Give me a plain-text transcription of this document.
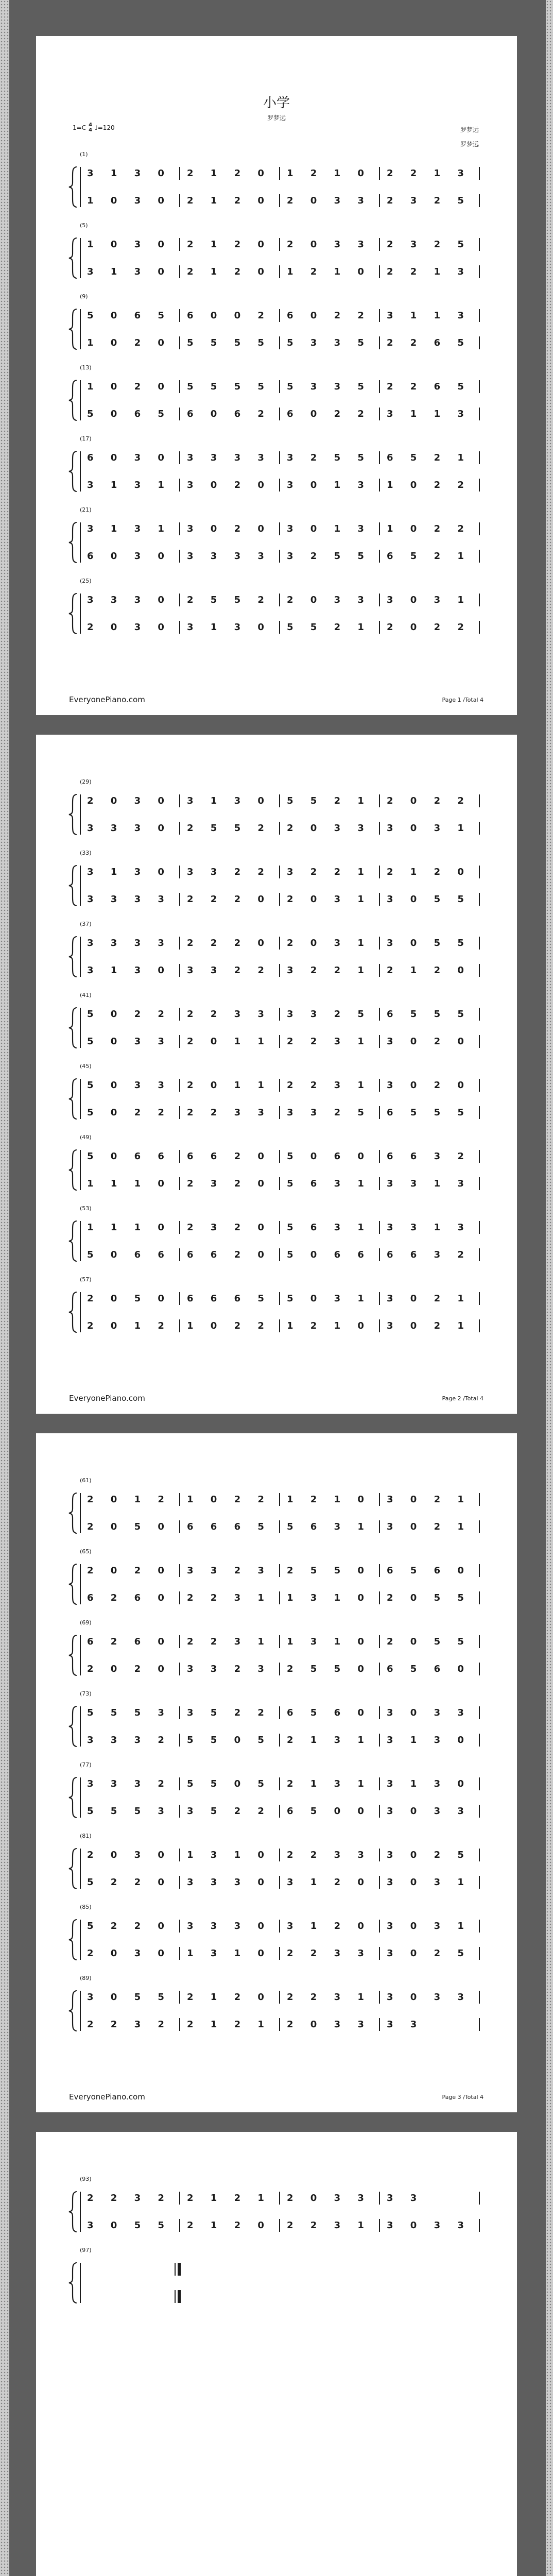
小学
罗梦远
罗梦远
罗梦远
1=C 4
4 ♩=120
(1)
3 1 3 0 2 1 2 0 1 2 1 0 2 2 1 3
1 0 3 0 2 1 2 0 2 0 3 3 2 3 2 5
(5)
1 0 3 0 2 1 2 0 2 0 3 3 2 3 2 5
3 1 3 0 2 1 2 0 1 2 1 0 2 2 1 3
(9)
5 0 6 5 6 0 0 2 6 0 2 2 3 1 1 3
1 0 2 0 5 5 5 5 5 3 3 5 2 2 6 5
(13)
1 0 2 0 5 5 5 5 5 3 3 5 2 2 6 5
5 0 6 5 6 0 6 2 6 0 2 2 3 1 1 3
(17)
6 0 3 0 3 3 3 3 3 2 5 5 6 5 2 1
3 1 3 1 3 0 2 0 3 0 1 3 1 0 2 2
(21)
3 1 3 1 3 0 2 0 3 0 1 3 1 0 2 2
6 0 3 0 3 3 3 3 3 2 5 5 6 5 2 1
(25)
3 3 3 0 2 5 5 2 2 0 3 3 3 0 3 1
2 0 3 0 3 1 3 0 5 5 2 1 2 0 2 2
EveryonePiano.com	Page 1 /Total 4
(29)
2 0 3 0 3 1 3 0 5 5 2 1 2 0 2 2
3 3 3 0 2 5 5 2 2 0 3 3 3 0 3 1
(33)
3 1 3 0 3 3 2 2 3 2 2 1 2 1 2 0
3 3 3 3 2 2 2 0 2 0 3 1 3 0 5 5
(37)
3 3 3 3 2 2 2 0 2 0 3 1 3 0 5 5
3 1 3 0 3 3 2 2 3 2 2 1 2 1 2 0
(41)
5 0 2 2 2 2 3 3 3 3 2 5 6 5 5 5
5 0 3 3 2 0 1 1 2 2 3 1 3 0 2 0
(45)
5 0 3 3 2 0 1 1 2 2 3 1 3 0 2 0
5 0 2 2 2 2 3 3 3 3 2 5 6 5 5 5
(49)
5 0 6 6 6 6 2 0 5 0 6 0 6 6 3 2
1 1 1 0 2 3 2 0 5 6 3 1 3 3 1 3
(53)
1 1 1 0 2 3 2 0 5 6 3 1 3 3 1 3
5 0 6 6 6 6 2 0 5 0 6 6 6 6 3 2
(57)
2 0 5 0 6 6 6 5 5 0 3 1 3 0 2 1
2 0 1 2 1 0 2 2 1 2 1 0 3 0 2 1
EveryonePiano.com	Page 2 /Total 4
(61)
2 0 1 2 1 0 2 2 1 2 1 0 3 0 2 1
2 0 5 0 6 6 6 5 5 6 3 1 3 0 2 1
(65)
2 0 2 0 3 3 2 3 2 5 5 0 6 5 6 0
6 2 6 0 2 2 3 1 1 3 1 0 2 0 5 5
(69)
6 2 6 0 2 2 3 1 1 3 1 0 2 0 5 5
2 0 2 0 3 3 2 3 2 5 5 0 6 5 6 0
(73)
5 5 5 3 3 5 2 2 6 5 6 0 3 0 3 3
3 3 3 2 5 5 0 5 2 1 3 1 3 1 3 0
(77)
3 3 3 2 5 5 0 5 2 1 3 1 3 1 3 0
5 5 5 3 3 5 2 2 6 5 0 0 3 0 3 3
(81)
2 0 3 0 1 3 1 0 2 2 3 3 3 0 2 5
5 2 2 0 3 3 3 0 3 1 2 0 3 0 3 1
(85)
5 2 2 0 3 3 3 0 3 1 2 0 3 0 3 1
2 0 3 0 1 3 1 0 2 2 3 3 3 0 2 5
(89)
3 0 5 5 2 1 2 0 2 2 3 1 3 0 3 3
2 2 3 2 2 1 2 1 2 0 3 3 3 3
EveryonePiano.com	Page 3 /Total 4
(93)
2 2 3 2 2 1 2 1 2 0 3 3 3 3
3 0 5 5 2 1 2 0 2 2 3 1 3 0 3 3
(97)
